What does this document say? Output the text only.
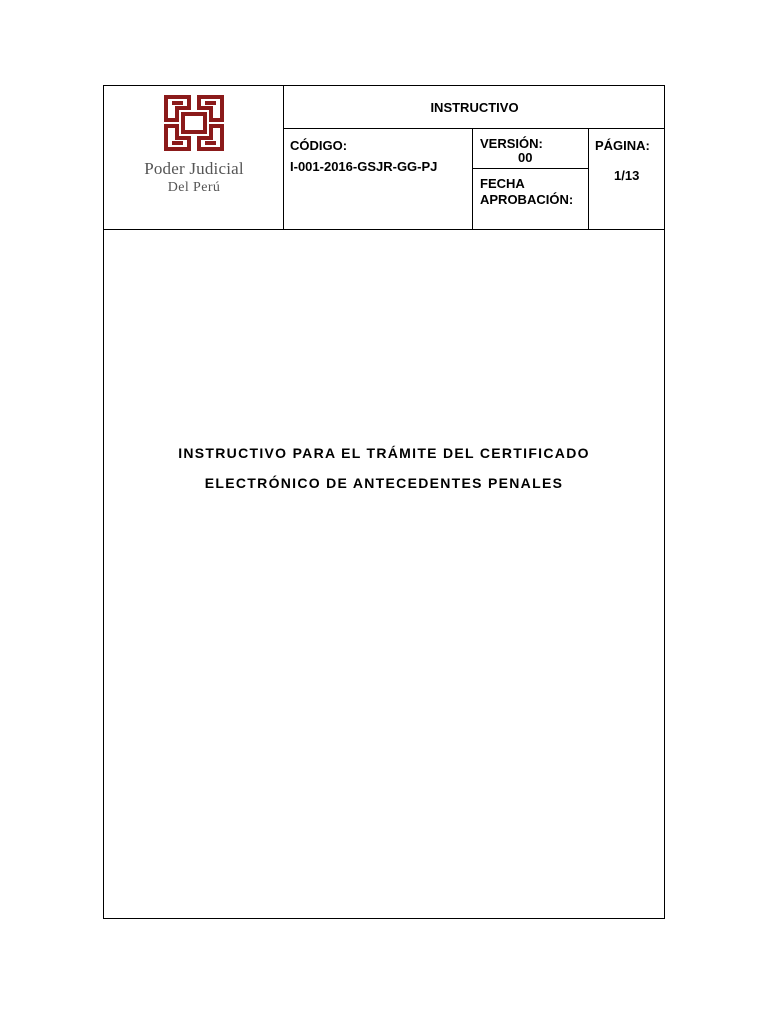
Poder Judicial
Del Perú
INSTRUCTIVO
CÓDIGO:
I-001-2016-GSJR-GG-PJ
VERSIÓN:
00
FECHA
APROBACIÓN:
PÁGINA:
1/13
INSTRUCTIVO PARA EL TRÁMITE DEL CERTIFICADO
ELECTRÓNICO DE ANTECEDENTES PENALES
